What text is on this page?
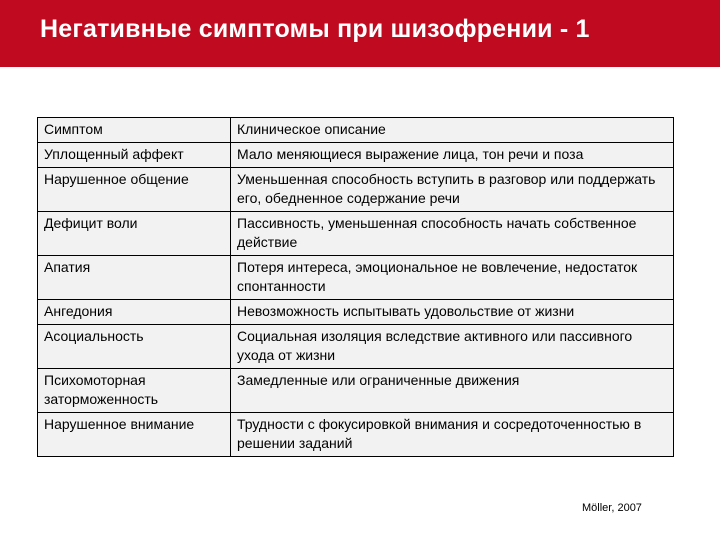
Негативные симптомы при шизофрении - 1
Симптом	Клиническое описание
Уплощенный аффект	Мало меняющиеся выражение лица, тон речи и поза
Нарушенное общение	Уменьшенная способность вступить в разговор или поддержать его, обедненное содержание речи
Дефицит воли	Пассивность, уменьшенная способность начать собственное действие
Апатия	Потеря интереса, эмоциональное не вовлечение, недостаток спонтанности
Ангедония	Невозможность испытывать удовольствие от жизни
Асоциальность	Социальная изоляция вследствие активного или пассивного ухода от жизни
Психомоторная заторможенность	Замедленные или ограниченные движения
Нарушенное внимание	Трудности с фокусировкой внимания и сосредоточенностью в решении заданий
Möller, 2007
